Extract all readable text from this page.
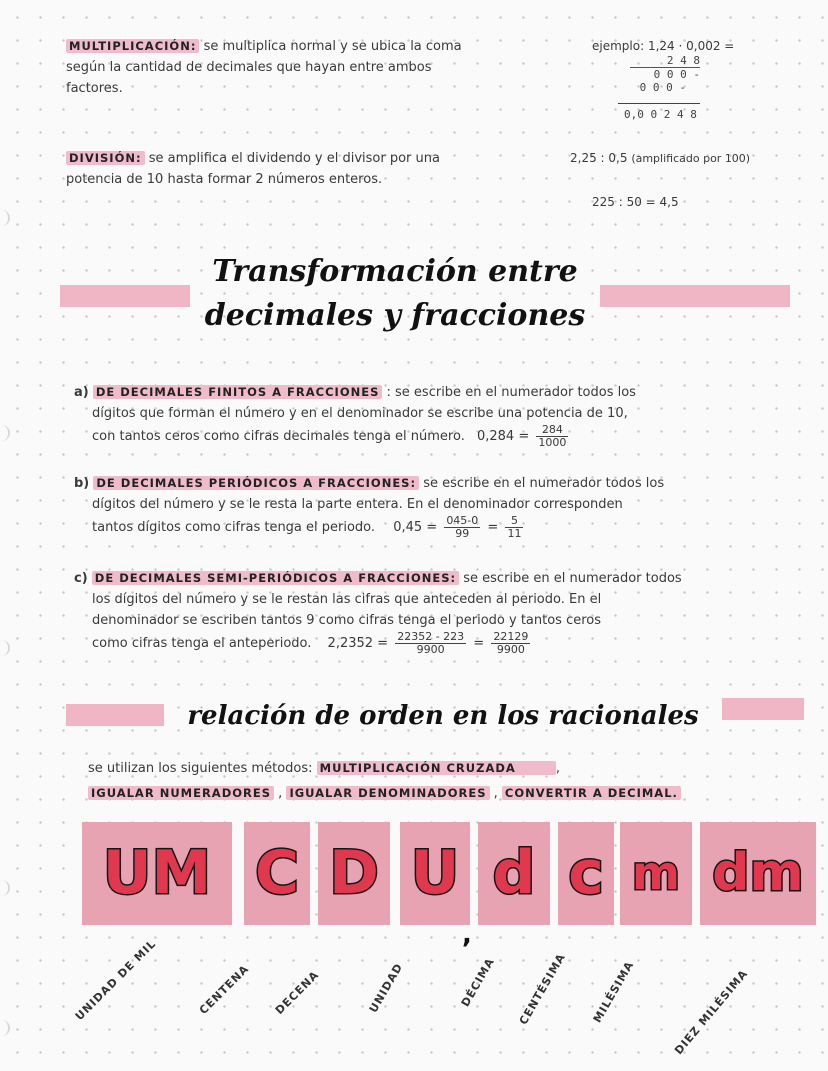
MULTIPLICACIÓN: se multiplica normal y se ubica la coma
según la cantidad de decimales que hayan entre ambos
factores.
ejemplo: 1,24 · 0,002 =
2 4 8
0 0 0 -
0 0 0 -
0,0 0 2 4 8
DIVISIÓN: se amplifica el dividendo y el divisor por una
potencia de 10 hasta formar 2 números enteros.
2,25 : 0,5 (amplificado por 100)
225 : 50 = 4,5
Transformación entre
decimales y fracciones
a) DE DECIMALES FINITOS A FRACCIONES : se escribe en el numerador todos los
dígitos que forman el número y en el denominador se escribe una potencia de 10,
con tantos ceros como cifras decimales tenga el número. $0,284 = \frac{284}{1000}$
b) DE DECIMALES PERIÓDICOS A FRACCIONES: se escribe en el numerador todos los
dígitos del número y se le resta la parte entera. En el denominador corresponden
tantos dígitos como cifras tenga el periodo. $0,45 = \frac{045-0}{99} = \frac{5}{11}$
c) DE DECIMALES SEMI-PERIÓDICOS A FRACCIONES: se escribe en el numerador todos
los dígitos del número y se le restan las cifras que anteceden al periodo. En el
denominador se escriben tantos 9 como cifras tenga el periodo y tantos ceros
como cifras tenga el anteperiodo. $2,2352 = \frac{22352 - 223}{9900} = \frac{22129}{9900}$
relación de orden en los racionales
se utilizan los siguientes métodos: MULTIPLICACIÓN CRUZADA	,
IGUALAR NUMERADORES , IGUALAR DENOMINADORES , CONVERTIR A DECIMAL.
UM C D U d c m dm
,
UNIDAD DE MIL	CENTENA DECENA	UNIDAD	DÉCIMA CENTÉSIMA MILÉSIMA	DIEZ MILÉSIMA
